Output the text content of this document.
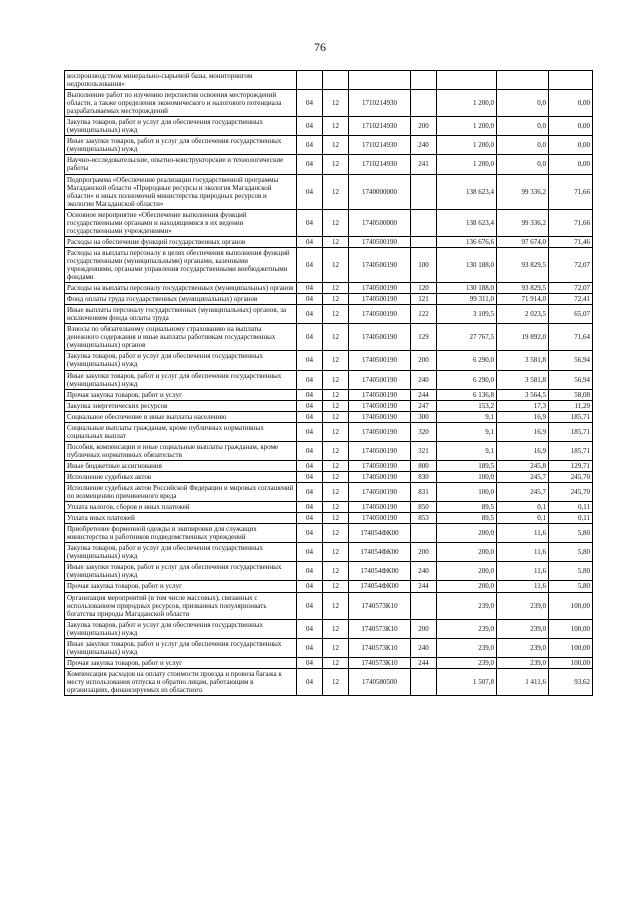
76
воспроизводством минерально-сырьевой базы, мониторингом недропользования»							
Выполнение работ по изучению перспектив освоения месторождений области, а также определения экономического и налогового потенциала разрабатываемых месторождений	04	12	1710214930		1 200,0	0,0	0,00
Закупка товаров, работ и услуг для обеспечения государственных (муниципальных) нужд	04	12	1710214930	200	1 200,0	0,0	0,00
Иные закупки товаров, работ и услуг для обеспечения государственных (муниципальных) нужд	04	12	1710214930	240	1 200,0	0,0	0,00
Научно-исследовательские, опытно-конструкторские и технологические работы	04	12	1710214930	241	1 200,0	0,0	0,00
Подпрограмма «Обеспечение реализации государственной программы Магаданской области «Природные ресурсы и экология Магаданской области» и иных полномочий министерства природных ресурсов и экологии Магаданской области»	04	12	1740000000		138 623,4	99 336,2	71,66
Основное мероприятие «Обеспечение выполнения функций государственными органами и находящимися в их ведении государственными учреждениями»	04	12	1740500000		138 623,4	99 336,2	71,66
Расходы на обеспечение функций государственных органов	04	12	1740500190		136 676,6	97 674,0	71,46
Расходы на выплаты персоналу в целях обеспечения выполнения функций государственными (муниципальными) органами, казенными учреждениями, органами управления государственными внебюджетными фондами	04	12	1740500190	100	130 188,0	93 829,5	72,07
Расходы на выплаты персоналу государственных (муниципальных) органов	04	12	1740500190	120	130 188,0	93 829,5	72,07
Фонд оплаты труда государственных (муниципальных) органов	04	12	1740500190	121	99 311,0	71 914,0	72,41
Иные выплаты персоналу государственных (муниципальных) органов, за исключением фонда оплаты труда	04	12	1740500190	122	3 109,5	2 023,5	65,07
Взносы по обязательному социальному страхованию на выплаты денежного содержания и иные выплаты работникам государственных (муниципальных) органов	04	12	1740500190	129	27 767,5	19 892,0	71,64
Закупка товаров, работ и услуг для обеспечения государственных (муниципальных) нужд	04	12	1740500190	200	6 290,0	3 581,8	56,94
Иные закупки товаров, работ и услуг для обеспечения государственных (муниципальных) нужд	04	12	1740500190	240	6 290,0	3 581,8	56,94
Прочая закупка товаров, работ и услуг	04	12	1740500190	244	6 136,8	3 564,5	58,08
Закупка энергетических ресурсов	04	12	1740500190	247	153,2	17,3	11,29
Социальное обеспечение и иные выплаты населению	04	12	1740500190	300	9,1	16,9	185,71
Социальные выплаты гражданам, кроме публичных нормативных социальных выплат	04	12	1740500190	320	9,1	16,9	185,71
Пособия, компенсации и иные социальные выплаты гражданам, кроме публичных нормативных обязательств	04	12	1740500190	321	9,1	16,9	185,71
Иные бюджетные ассигнования	04	12	1740500190	800	189,5	245,8	129,71
Исполнение судебных актов	04	12	1740500190	830	100,0	245,7	245,70
Исполнение судебных актов Российской Федерации и мировых соглашений по возмещению причиненного вреда	04	12	1740500190	831	100,0	245,7	245,70
Уплата налогов, сборов и иных платежей	04	12	1740500190	850	89,5	0,1	0,11
Уплата иных платежей	04	12	1740500190	853	89,5	0,1	0,11
Приобретение форменной одежды и экипировки для служащих министерства и работников подведомственных учреждений	04	12	174054ФК00		200,0	11,6	5,80
Закупка товаров, работ и услуг для обеспечения государственных (муниципальных) нужд	04	12	174054ФК00	200	200,0	11,6	5,80
Иные закупки товаров, работ и услуг для обеспечения государственных (муниципальных) нужд	04	12	174054ФК00	240	200,0	11,6	5,80
Прочая закупка товаров, работ и услуг	04	12	174054ФК00	244	200,0	11,6	5,80
Организация мероприятий (в том числе массовых), связанных с использованием природных ресурсов, призванных популяризовать богатства природы Магаданской области	04	12	1740573К10		239,0	239,0	100,00
Закупка товаров, работ и услуг для обеспечения государственных (муниципальных) нужд	04	12	1740573К10	200	239,0	239,0	100,00
Иные закупки товаров, работ и услуг для обеспечения государственных (муниципальных) нужд	04	12	1740573К10	240	239,0	239,0	100,00
Прочая закупка товаров, работ и услуг	04	12	1740573К10	244	239,0	239,0	100,00
Компенсация расходов на оплату стоимости проезда и провоза багажа к месту использования отпуска и обратно лицам, работающим в организациях, финансируемых из областного	04	12	1740580500		1 507,8	1 411,6	93,62
